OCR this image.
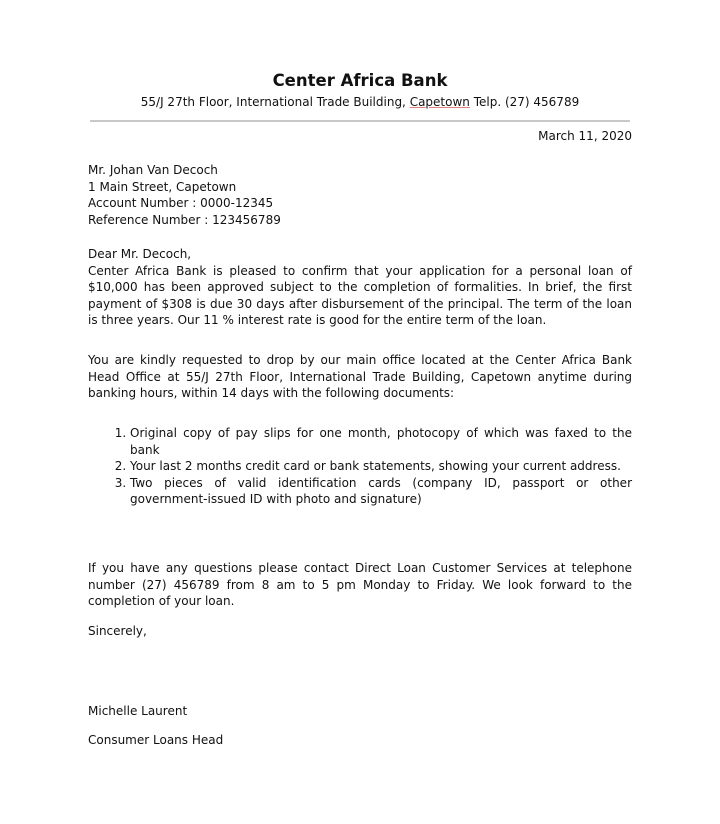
Center Africa Bank
55/J 27th Floor, International Trade Building, Capetown Telp. (27) 456789
March 11, 2020
Mr. Johan Van Decoch
1 Main Street, Capetown
Account Number : 0000-12345
Reference Number : 123456789
Dear Mr. Decoch,

Center Africa Bank is pleased to confirm that your application for a personal loan of $10,000 has been approved subject to the completion of formalities. In brief, the first payment of $308 is due 30 days after disbursement of the principal. The term of the loan is three years. Our 11 % interest rate is good for the entire term of the loan.

You are kindly requested to drop by our main office located at the Center Africa Bank Head Office at 55/J 27th Floor, International Trade Building, Capetown anytime during banking hours, within 14 days with the following documents:

1. Original copy of pay slips for one month, photocopy of which was faxed to the bank
2. Your last 2 months credit card or bank statements, showing your current address.
3. Two pieces of valid identification cards (company ID, passport or other government-issued ID with photo and signature)

If you have any questions please contact Direct Loan Customer Services at telephone number (27) 456789 from 8 am to 5 pm Monday to Friday. We look forward to the completion of your loan.

Sincerely,
Michelle Laurent
Consumer Loans Head
